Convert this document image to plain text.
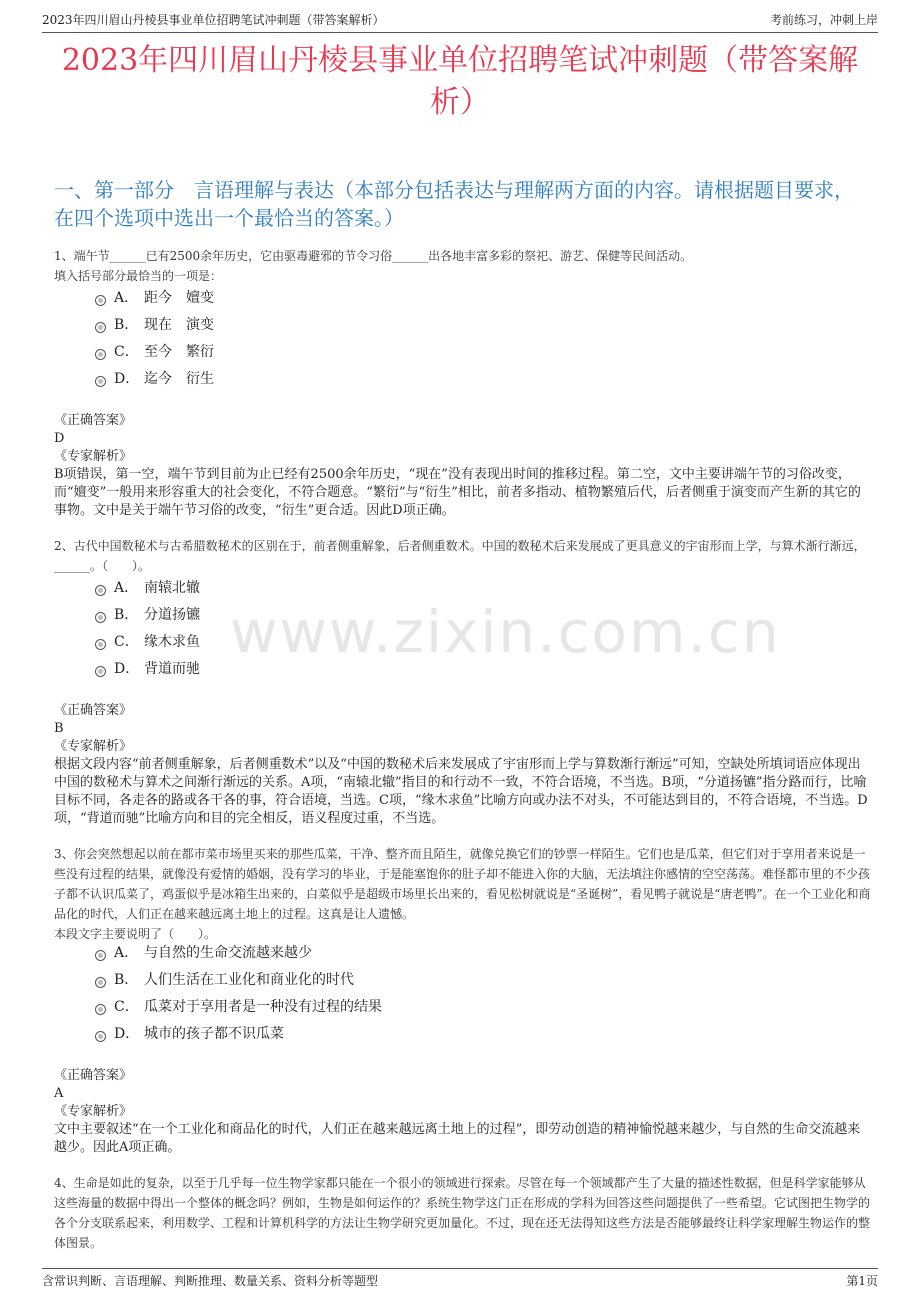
2023年四川眉山丹棱县事业单位招聘笔试冲刺题（带答案解析）	考前练习，冲刺上岸
2023年四川眉山丹棱县事业单位招聘笔试冲刺题（带答案解析）
一、第一部分　言语理解与表达（本部分包括表达与理解两方面的内容。请根据题目要求，在四个选项中选出一个最恰当的答案。）
www.zixin.com.cn
1、端午节______已有2500余年历史，它由驱毒避邪的节令习俗______出各地丰富多彩的祭祀、游艺、保健等民间活动。
填入括号部分最恰当的一项是：
A． 距今　嬗变
B． 现在　演变
C． 至今　繁衍
D． 迄今　衍生
《正确答案》
D
《专家解析》
B项错误，第一空，端午节到目前为止已经有2500余年历史，“现在”没有表现出时间的推移过程。第二空，文中主要讲端午节的习俗改变，而“嬗变”一般用来形容重大的社会变化，不符合题意。“繁衍”与“衍生”相比，前者多指动、植物繁殖后代，后者侧重于演变而产生新的其它的事物。文中是关于端午节习俗的改变，“衍生”更合适。因此D项正确。
2、古代中国数秘术与古希腊数秘术的区别在于，前者侧重解象，后者侧重数术。中国的数秘术后来发展成了更具意义的宇宙形而上学，与算术渐行渐远，______。（　　）。
A． 南辕北辙
B． 分道扬镳
C． 缘木求鱼
D． 背道而驰
《正确答案》
B
《专家解析》
根据文段内容“前者侧重解象，后者侧重数术”以及“中国的数秘术后来发展成了宇宙形而上学与算数渐行渐远”可知，空缺处所填词语应体现出中国的数秘术与算术之间渐行渐远的关系。A项，“南辕北辙”指目的和行动不一致，不符合语境，不当选。B项，“分道扬镳”指分路而行，比喻目标不同，各走各的路或各干各的事，符合语境，当选。C项，“缘木求鱼”比喻方向或办法不对头，不可能达到目的，不符合语境，不当选。D项，“背道而驰”比喻方向和目的完全相反，语义程度过重，不当选。
3、你会突然想起以前在都市菜市场里买来的那些瓜菜，干净、整齐而且陌生，就像兑换它们的钞票一样陌生。它们也是瓜菜，但它们对于享用者来说是一些没有过程的结果，就像没有爱情的婚姻，没有学习的毕业，于是能塞饱你的肚子却不能进入你的大脑，无法填注你感情的空空荡荡。难怪都市里的不少孩子都不认识瓜菜了，鸡蛋似乎是冰箱生出来的，白菜似乎是超级市场里长出来的，看见松树就说是“圣诞树”，看见鸭子就说是“唐老鸭”。在一个工业化和商品化的时代，人们正在越来越远离土地上的过程。这真是让人遗憾。
本段文字主要说明了（　　）。
A． 与自然的生命交流越来越少
B． 人们生活在工业化和商业化的时代
C． 瓜菜对于享用者是一种没有过程的结果
D． 城市的孩子都不识瓜菜
《正确答案》
A
《专家解析》
文中主要叙述“在一个工业化和商品化的时代，人们正在越来越远离土地上的过程”，即劳动创造的精神愉悦越来越少，与自然的生命交流越来越少。因此A项正确。
4、生命是如此的复杂，以至于几乎每一位生物学家都只能在一个很小的领域进行探索。尽管在每一个领域都产生了大量的描述性数据，但是科学家能够从这些海量的数据中得出一个整体的概念吗？例如，生物是如何运作的？系统生物学这门正在形成的学科为回答这些问题提供了一些希望。它试图把生物学的各个分支联系起来，利用数学、工程和计算机科学的方法让生物学研究更加量化。不过，现在还无法得知这些方法是否能够最终让科学家理解生物运作的整体图景。
含常识判断、言语理解、判断推理、数量关系、资料分析等题型	第1页
